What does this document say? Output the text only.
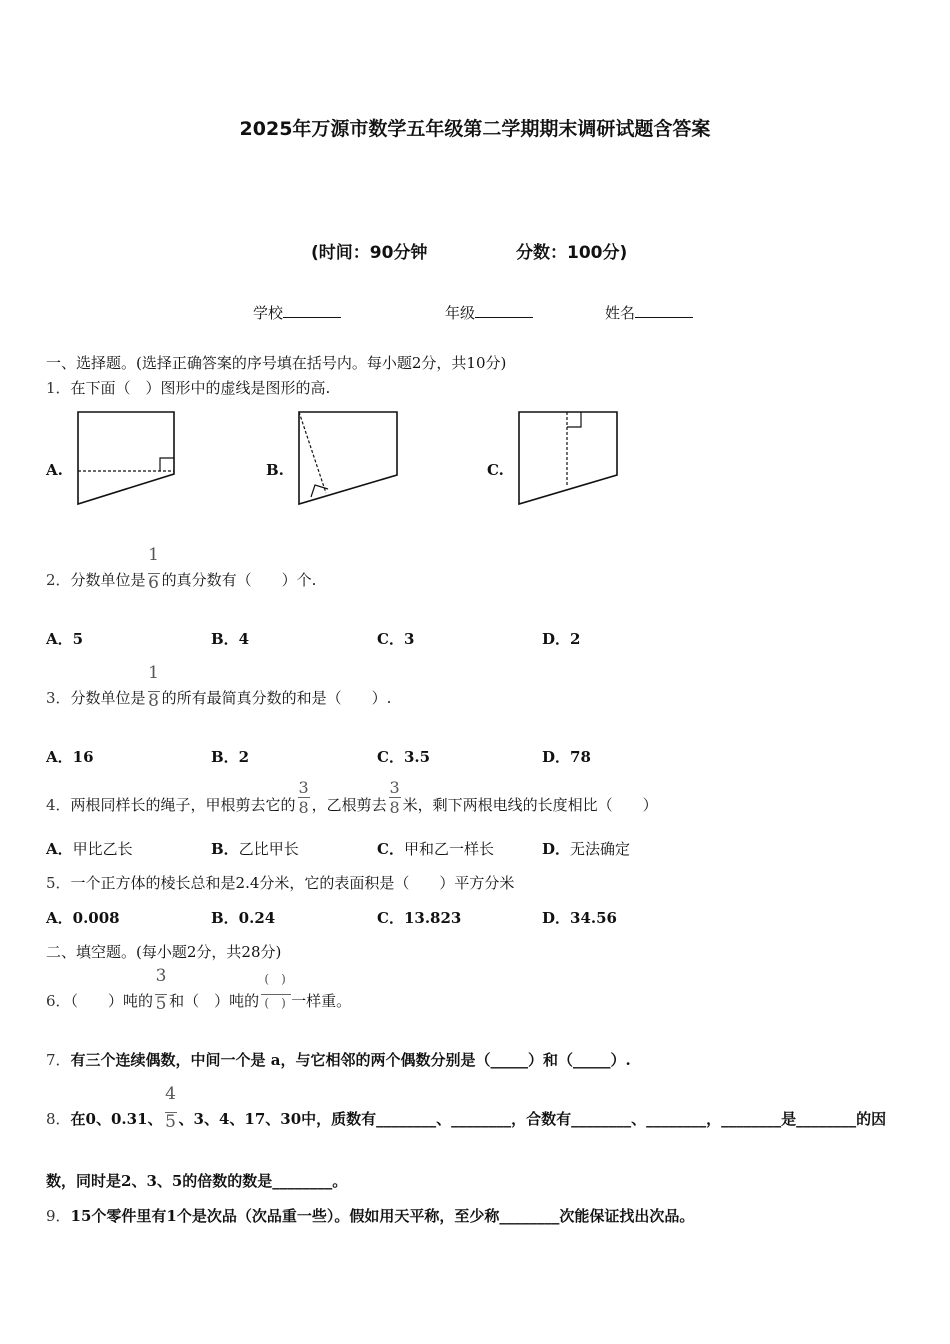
2025年万源市数学五年级第二学期期末调研试题含答案
(时间：90分钟	分数：100分)
学校	年级	姓名
一、选择题。(选择正确答案的序号填在括号内。每小题2分，共10分)
1．在下面（　）图形中的虚线是图形的高.
A.	B.	C.
2．分数单位是 $\frac{1}{6}$ 的真分数有（　　）个.
A．5	B．4	C．3	D．2
3．分数单位是 $\frac{1}{8}$ 的所有最简真分数的和是（　　）.
A．16	B．2	C．3.5	D．78
4．两根同样长的绳子，甲根剪去它的 $\frac{3}{8}$ ，乙根剪去 $\frac{3}{8}$ 米，剩下两根电线的长度相比（　　）
A．甲比乙长	B．乙比甲长	C．甲和乙一样长	D．无法确定
5．一个正方体的棱长总和是2.4分米，它的表面积是（　　）平方分米
A．0.008	B．0.24	C．13.823	D．34.56
二、填空题。(每小题2分，共28分)
6．（　　）吨的 $\frac{3}{5}$ 和（　）吨的 $\frac{( )}{( )}$ 一样重。
7．有三个连续偶数，中间一个是 a，与它相邻的两个偶数分别是（_____）和（_____）.
8．在0、0.31、 $\frac{4}{5}$ 、3、4、17、30中，质数有________、________，合数有________、________，________是________的因
数，同时是2、3、5的倍数的数是________。
9．15个零件里有1个是次品（次品重一些）。假如用天平称，至少称________次能保证找出次品。
